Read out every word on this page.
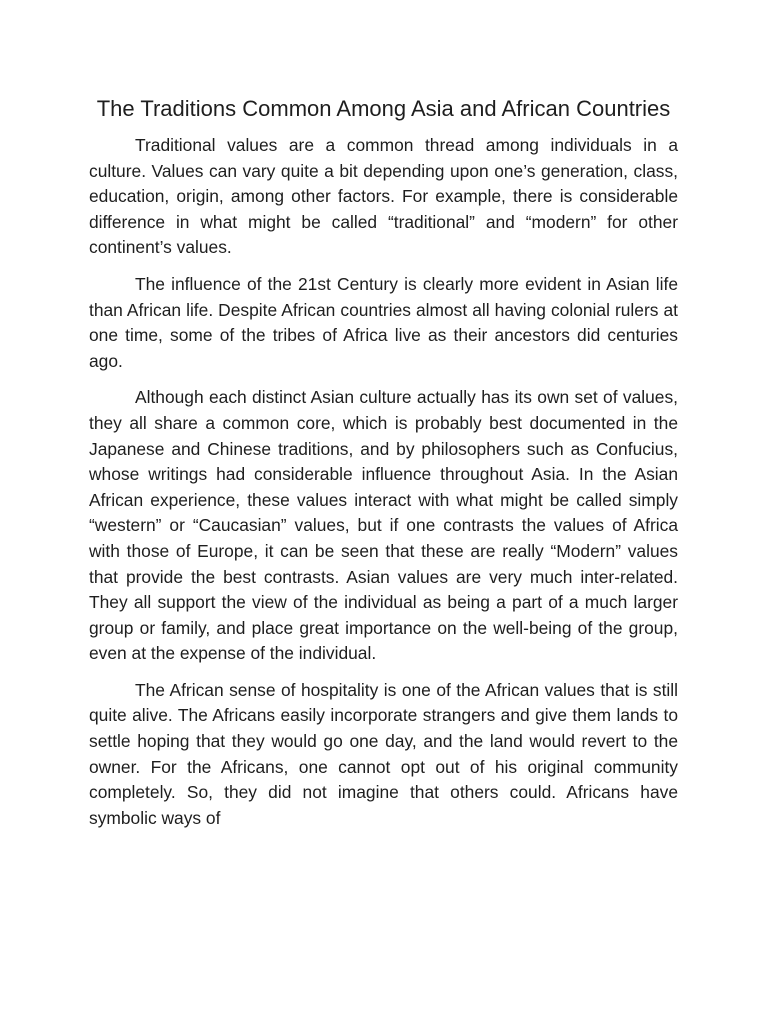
The Traditions Common Among Asia and African Countries

Traditional values are a common thread among individuals in a culture. Values can vary quite a bit depending upon one’s generation, class, education, origin, among other factors. For example, there is considerable difference in what might be called “traditional” and “modern” for other continent’s values.

The influence of the 21st Century is clearly more evident in Asian life than African life. Despite African countries almost all having colonial rulers at one time, some of the tribes of Africa live as their ancestors did centuries ago.

Although each distinct Asian culture actually has its own set of values, they all share a common core, which is probably best documented in the Japanese and Chinese traditions, and by philosophers such as Confucius, whose writings had considerable influence throughout Asia. In the Asian African experience, these values interact with what might be called simply “western” or “Caucasian” values, but if one contrasts the values of Africa with those of Europe, it can be seen that these are really “Modern” values that provide the best contrasts. Asian values are very much inter-related. They all support the view of the individual as being a part of a much larger group or family, and place great importance on the well-being of the group, even at the expense of the individual.

The African sense of hospitality is one of the African values that is still quite alive. The Africans easily incorporate strangers and give them lands to settle hoping that they would go one day, and the land would revert to the owner. For the Africans, one cannot opt out of his original community completely. So, they did not imagine that others could. Africans have symbolic ways of
